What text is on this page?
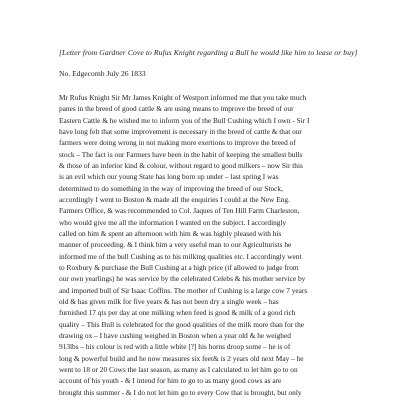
[Letter from Gardner Cove to Rufus Knight regarding a Bull he would like him to lease or buy]

No. Edgecomb July 26 1833

Mr Rufus Knight Sir Mr James Knight of Westport informed me that you take much
panes in the breed of good cattle & are using means to improve the breed of our
Eastern Cattle & he wished me to inform you of the Bull Cushing which I own - Sir I
have long felt that some improvement is necessary in the breed of cattle & that our
farmers were doing wrong in not making more exertions to improve the breed of
stock – The fact is our Farmers have been in the habit of keeping the smallest bulls
& those of an inferior kind & colour, without regard to good milkers – now Sir this
is an evil which our young State has long born up under – last spring I was
determined to do something in the way of improving the breed of our Stock,
accordingly I went to Boston & made all the enquiries I could at the New Eng.
Farmers Office, & was recommended to Col. Jaques of Ten Hill Farm Charleston,
who would give me all the information I wanted on the subject. I accordingly
called on him & spent an afternoon with him & was highly pleased with his
manner of proceeding. & I think him a very useful man to our Agriculturists he
informed me of the bull Cushing as to his milking qualities etc. I accordingly went
to Roxbury & purchase the Bull Cushing at a high price (if allowed to judge from
our own yearlings) he was service by the celebrated Celebs & his mother service by
and imported bull of Sir Isaac Coffins. The mother of Cushing is a large cow 7 years
old & has given milk for five years & has not been dry a single week – has
furnished 17 qts per day at one milking when feed is good & milk of a good rich
quality – This Bull is celebrated for the good qualities of the milk more than for the
drawing ox – I have cushing weighed in Boston when a year old & he weighed
913lbs – his colour is red with a little white [?] his horns droop some – he is of
long & powerful build and he now measures six feet& is 2 years old next May – he
went to 18 or 20 Cows the last season, as many as I calculated to let him go to on
account of his youth - & I intend for him to go to as many good cows as are
brought this summer - & I do not let him go to every Cow that is brought, but only
